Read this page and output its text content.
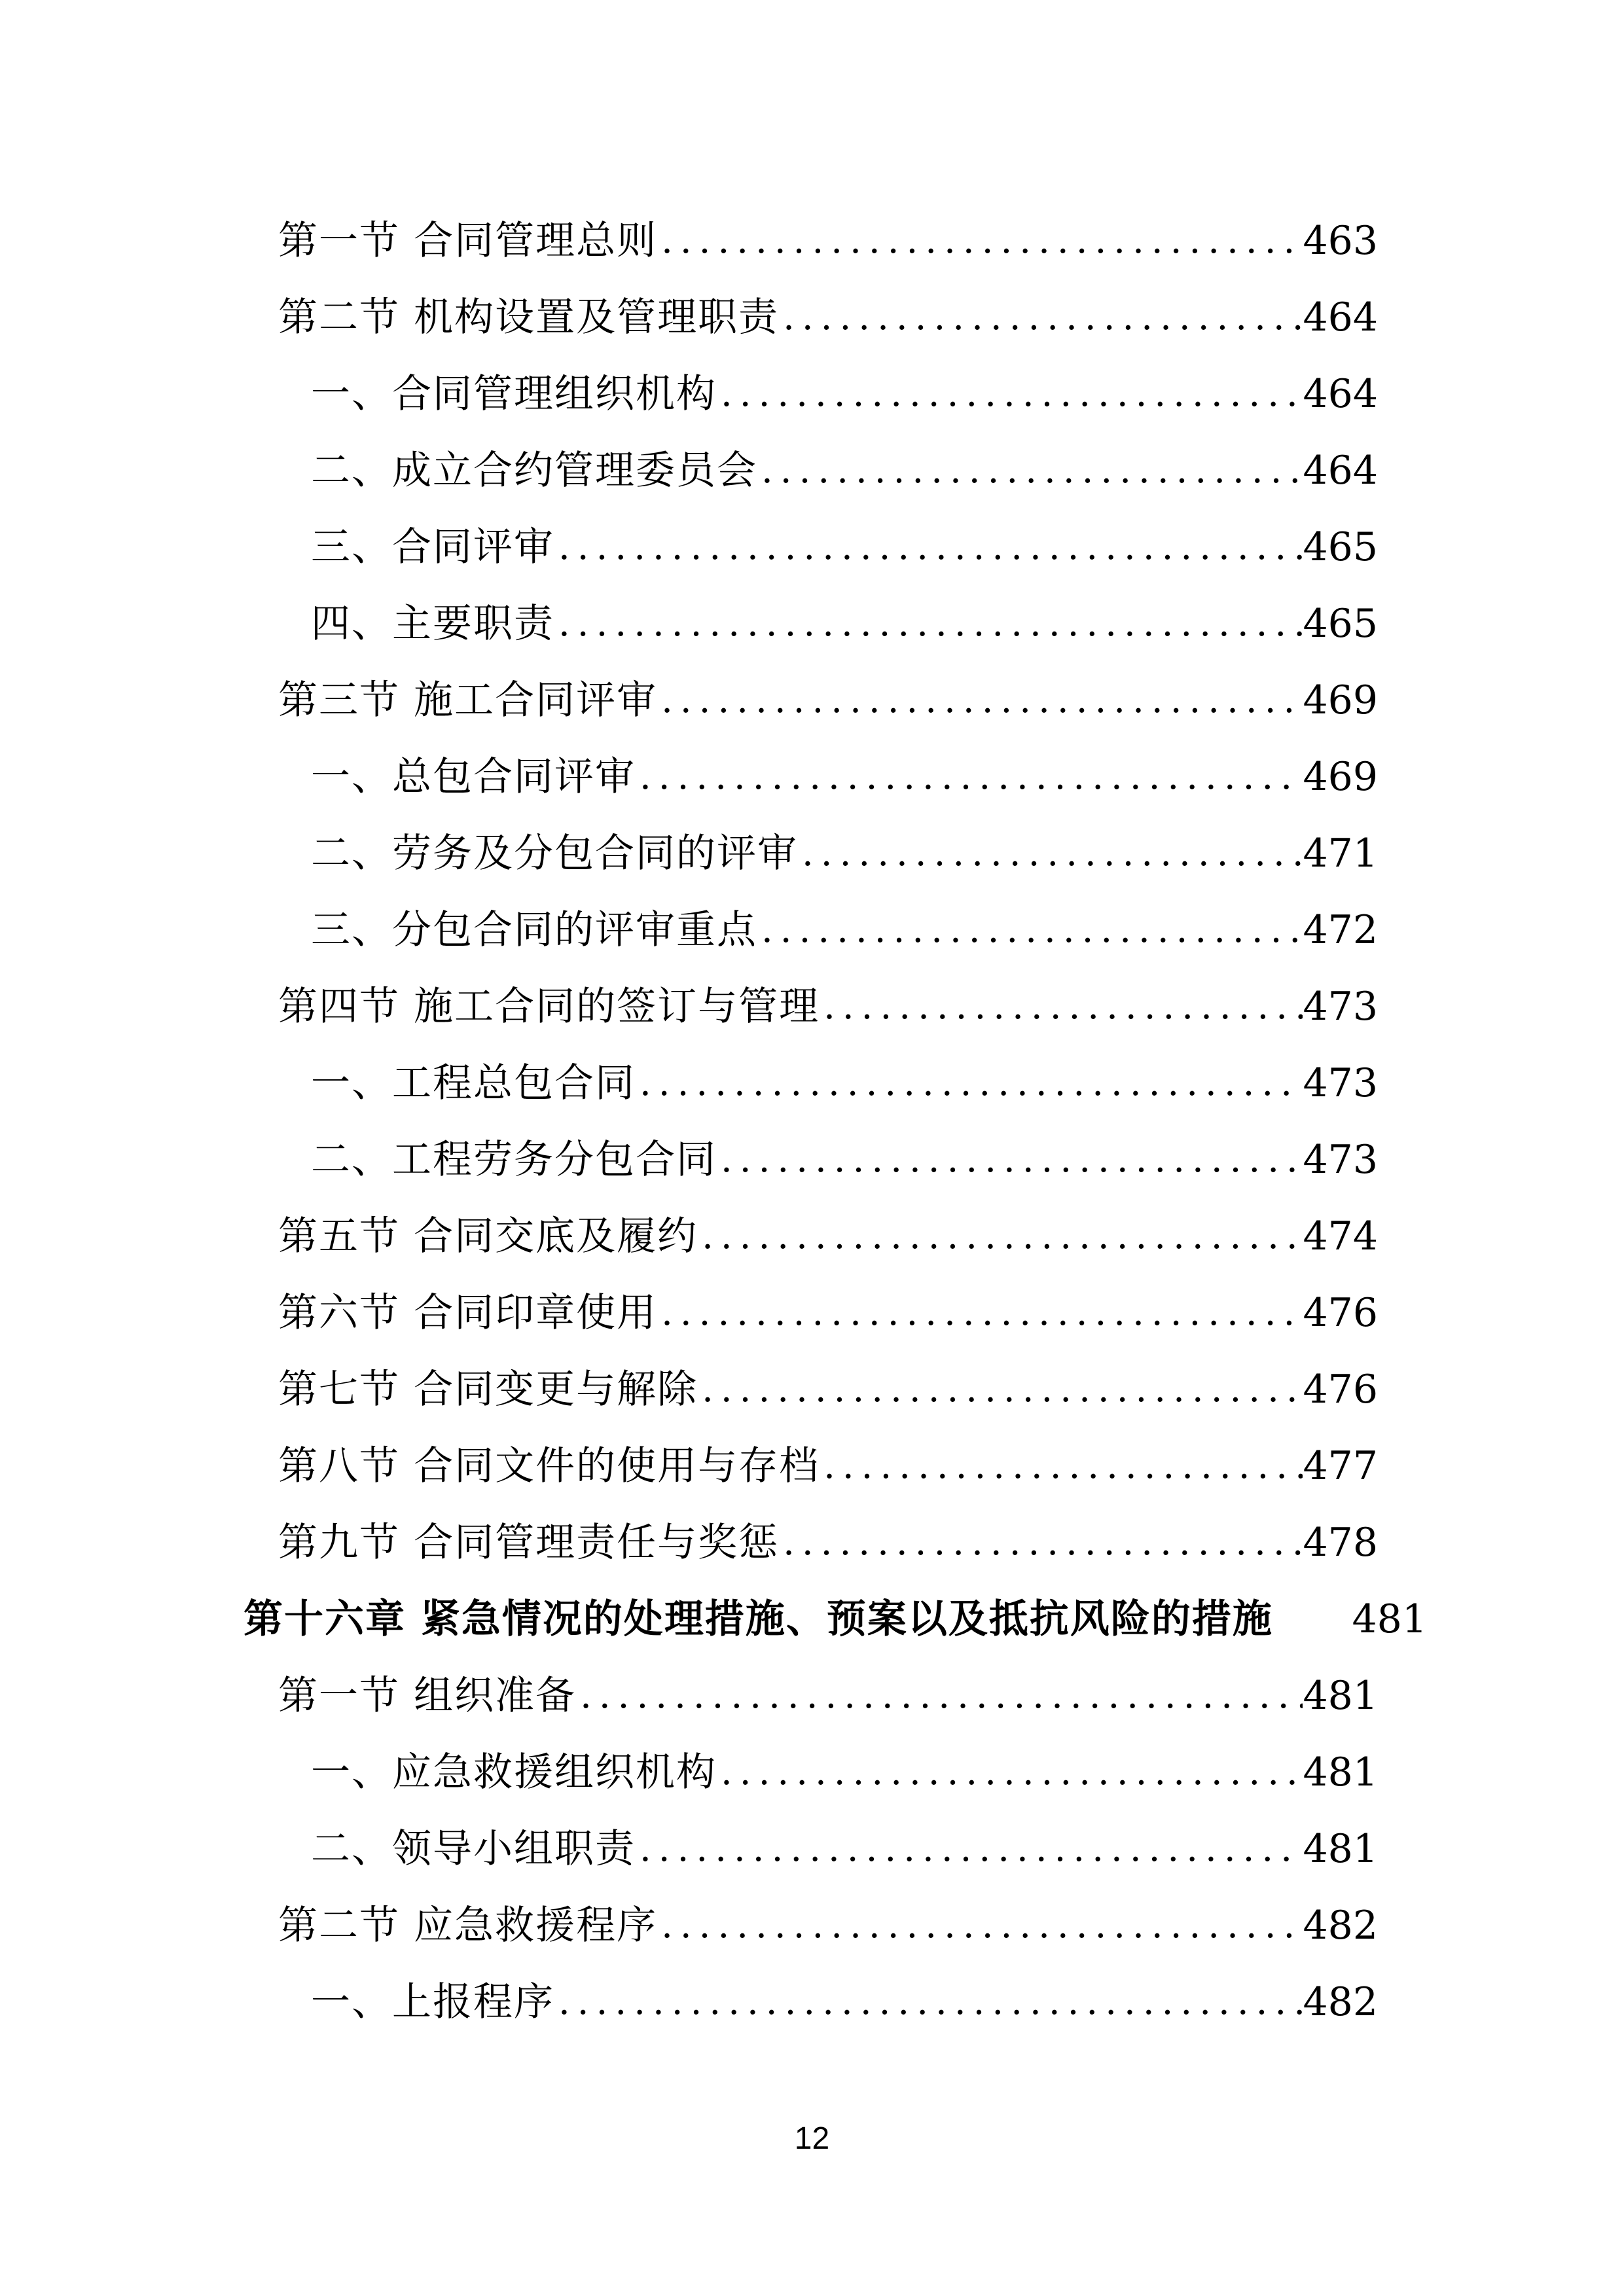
第一节 合同管理总则 .....	463
第二节 机构设置及管理职责 .....	464
一、合同管理组织机构 .....	464
二、成立合约管理委员会 .....	464
三、合同评审 .....	465
四、主要职责 .....	465
第三节 施工合同评审 .....	469
一、总包合同评审 .....	469
二、劳务及分包合同的评审 .....	471
三、分包合同的评审重点 .....	472
第四节 施工合同的签订与管理 .....	473
一、工程总包合同 .....	473
二、工程劳务分包合同 .....	473
第五节 合同交底及履约 .....	474
第六节 合同印章使用 .....	476
第七节 合同变更与解除 .....	476
第八节 合同文件的使用与存档 .....	477
第九节 合同管理责任与奖惩 .....	478
第十六章 紧急情况的处理措施、预案以及抵抗风险的措施 481
第一节 组织准备 .....	481
一、应急救援组织机构 .....	481
二、领导小组职责 .....	481
第二节 应急救援程序 .....	482
一、上报程序 .....	482
12
